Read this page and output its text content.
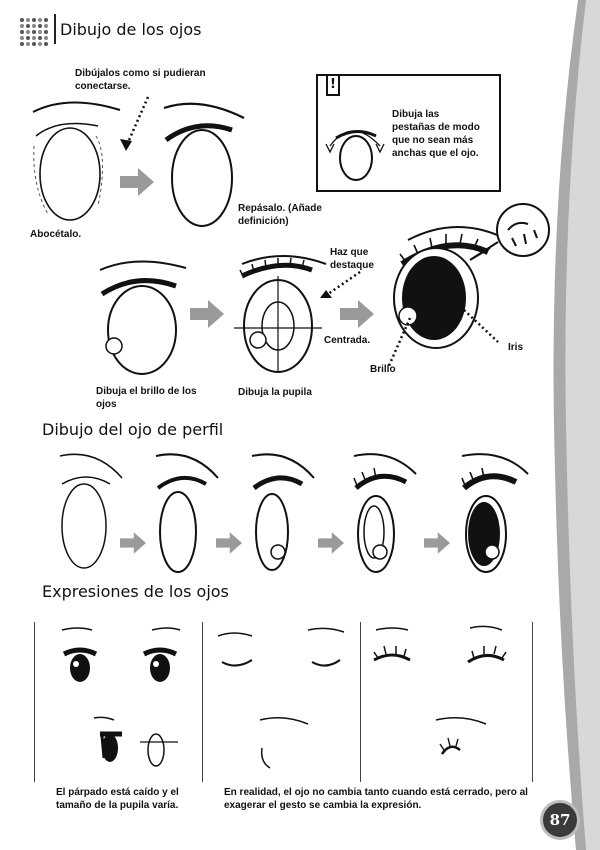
Dibujo de los ojos
Dibújalos como si pudieran conectarse.
Abocétalo.
Repásalo. (Añade definición)
!
Dibuja las pestañas de modo que no sean más anchas que el ojo.
Dibuja el brillo de los ojos
Dibuja la pupila
Haz que destaque
Centrada.
Brillo
Iris
Dibujo del ojo de perfil
Expresiones de los ojos
El párpado está caído y el tamaño de la pupila varía.
En realidad, el ojo no cambia tanto cuando está cerrado, pero al exagerar el gesto se cambia la expresión.
87
